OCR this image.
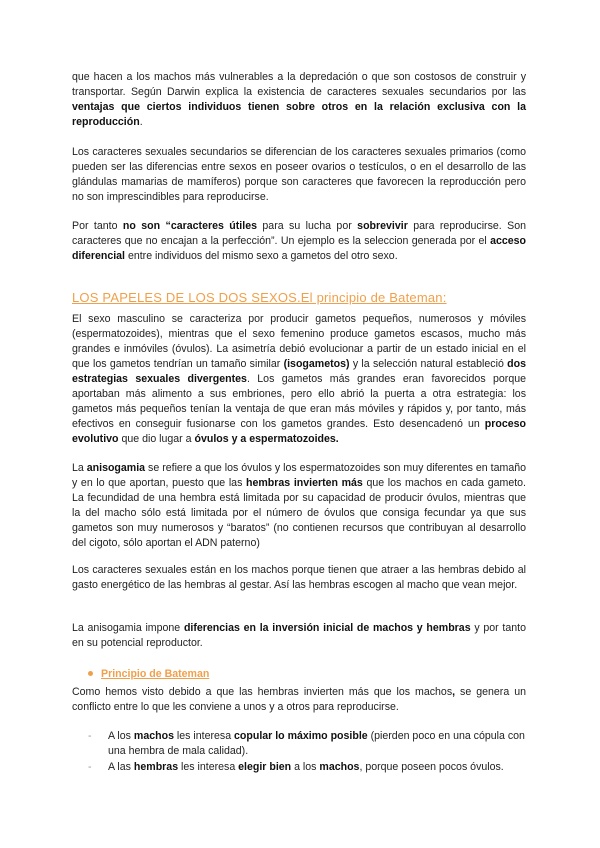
que hacen a los machos más vulnerables a la depredación o que son costosos de construir y transportar. Según Darwin explica la existencia de caracteres sexuales secundarios por las ventajas que ciertos individuos tienen sobre otros en la relación exclusiva con la reproducción.

Los caracteres sexuales secundarios se diferencian de los caracteres sexuales primarios (como pueden ser las diferencias entre sexos en poseer ovarios o testículos, o en el desarrollo de las glándulas mamarias de mamíferos) porque son caracteres que favorecen la reproducción pero no son imprescindibles para reproducirse.

Por tanto no son “caracteres útiles para su lucha por sobrevivir para reproducirse. Son caracteres que no encajan a la perfección”. Un ejemplo es la seleccion generada por el acceso diferencial entre individuos del mismo sexo a gametos del otro sexo.

LOS PAPELES DE LOS DOS SEXOS.El principio de Bateman:

El sexo masculino se caracteriza por producir gametos pequeños, numerosos y móviles (espermatozoides), mientras que el sexo femenino produce gametos escasos, mucho más grandes e inmóviles (óvulos). La asimetría debió evolucionar a partir de un estado inicial en el que los gametos tendrían un tamaño similar (isogametos) y la selección natural estableció dos estrategias sexuales divergentes. Los gametos más grandes eran favorecidos porque aportaban más alimento a sus embriones, pero ello abrió la puerta a otra estrategia: los gametos más pequeños tenían la ventaja de que eran más móviles y rápidos y, por tanto, más efectivos en conseguir fusionarse con los gametos grandes. Esto desencadenó un proceso evolutivo que dio lugar a óvulos y a espermatozoides.

La anisogamia se refiere a que los óvulos y los espermatozoides son muy diferentes en tamaño y en lo que aportan, puesto que las hembras invierten más que los machos en cada gameto. La fecundidad de una hembra está limitada por su capacidad de producir óvulos, mientras que la del macho sólo está limitada por el número de óvulos que consiga fecundar ya que sus gametos son muy numerosos y “baratos” (no contienen recursos que contribuyan al desarrollo del cigoto, sólo aportan el ADN paterno)

Los caracteres sexuales están en los machos porque tienen que atraer a las hembras debido al gasto energético de las hembras al gestar. Así las hembras escogen al macho que vean mejor.

La anisogamia impone diferencias en la inversión inicial de machos y hembras y por tanto en su potencial reproductor.

Principio de Bateman

Como hemos visto debido a que las hembras invierten más que los machos, se genera un conflicto entre lo que les conviene a unos y a otros para reproducirse.

- A los machos les interesa copular lo máximo posible (pierden poco en una cópula con una hembra de mala calidad).
- A las hembras les interesa elegir bien a los machos, porque poseen pocos óvulos.
